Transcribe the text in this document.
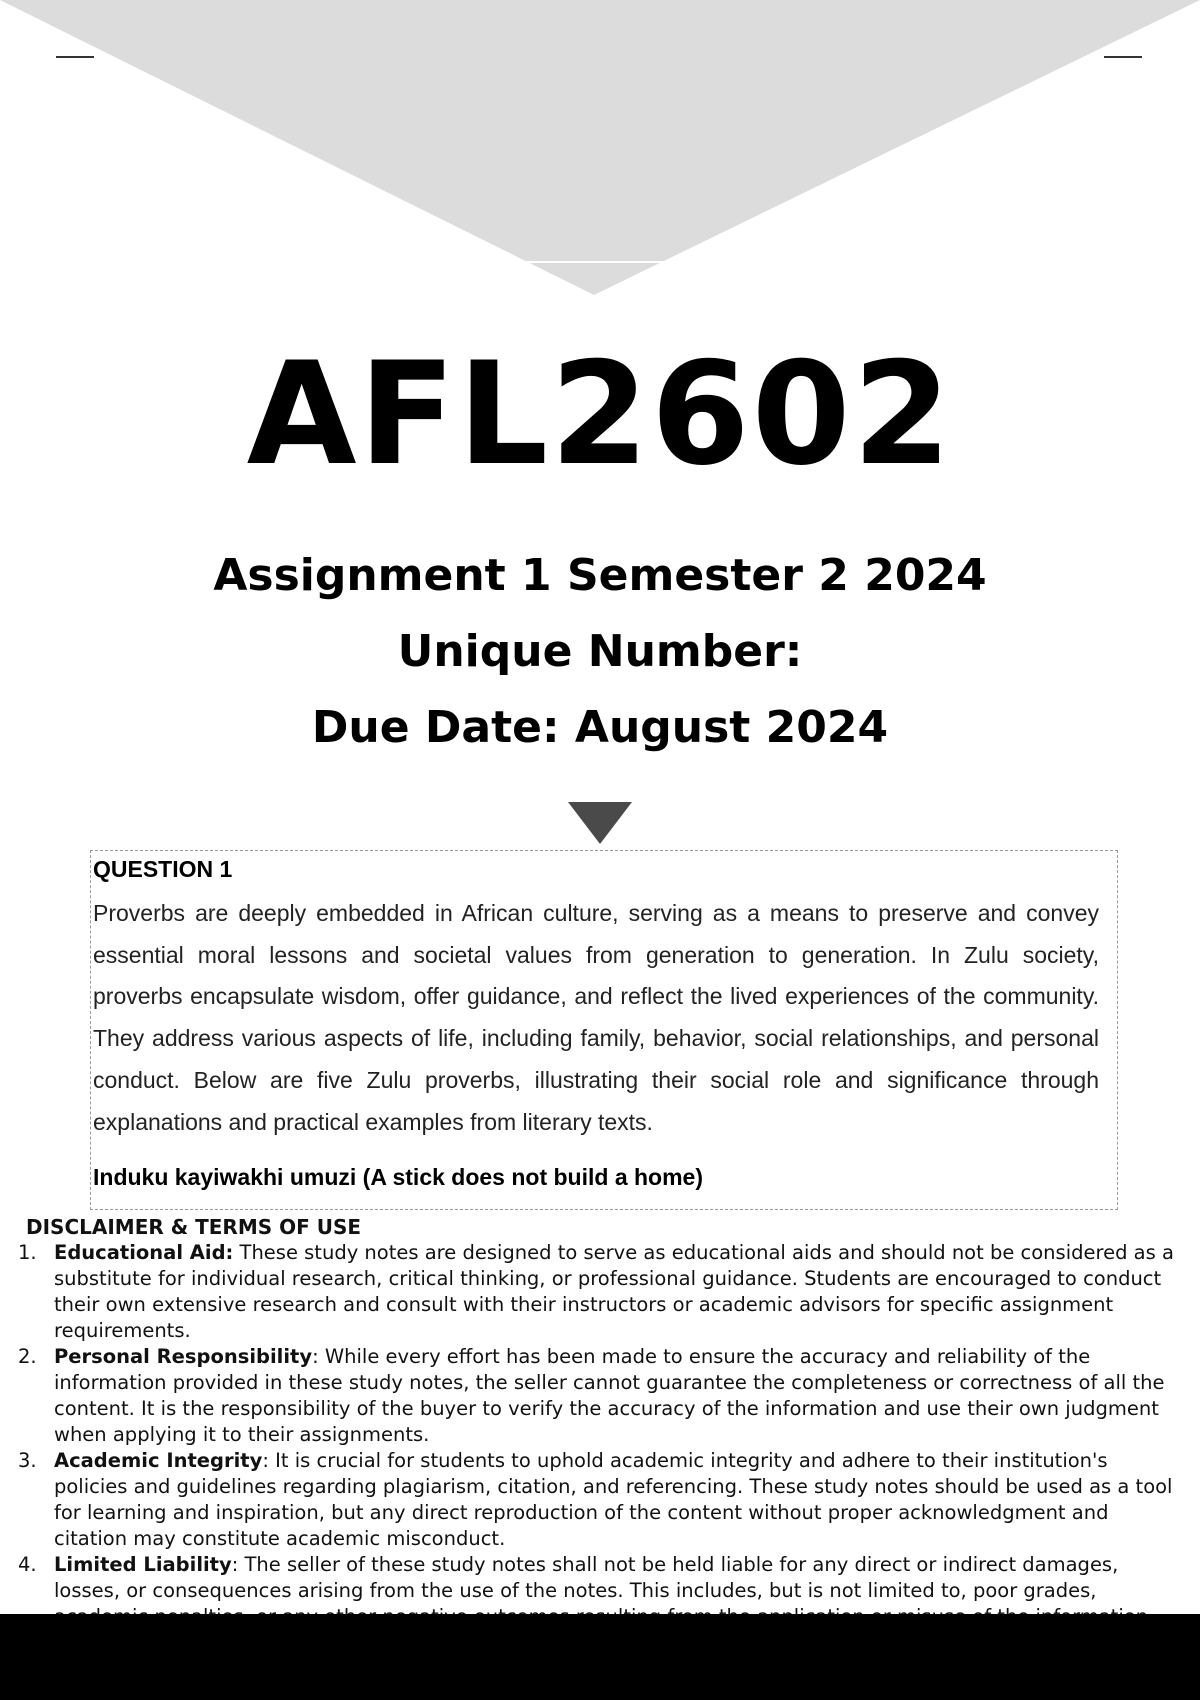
AFL2602
Assignment 1 Semester 2 2024
Unique Number:
Due Date: August 2024
QUESTION 1

Proverbs are deeply embedded in African culture, serving as a means to preserve and convey essential moral lessons and societal values from generation to generation. In Zulu society, proverbs encapsulate wisdom, offer guidance, and reflect the lived experiences of the community. They address various aspects of life, including family, behavior, social relationships, and personal conduct. Below are five Zulu proverbs, illustrating their social role and significance through explanations and practical examples from literary texts.

Induku kayiwakhi umuzi (A stick does not build a home)
DISCLAIMER & TERMS OF USE
1. Educational Aid: These study notes are designed to serve as educational aids and should not be considered as a substitute for individual research, critical thinking, or professional guidance. Students are encouraged to conduct their own extensive research and consult with their instructors or academic advisors for specific assignment requirements.
2. Personal Responsibility: While every effort has been made to ensure the accuracy and reliability of the information provided in these study notes, the seller cannot guarantee the completeness or correctness of all the content. It is the responsibility of the buyer to verify the accuracy of the information and use their own judgment when applying it to their assignments.
3. Academic Integrity: It is crucial for students to uphold academic integrity and adhere to their institution's policies and guidelines regarding plagiarism, citation, and referencing. These study notes should be used as a tool for learning and inspiration, but any direct reproduction of the content without proper acknowledgment and citation may constitute academic misconduct.
4. Limited Liability: The seller of these study notes shall not be held liable for any direct or indirect damages, losses, or consequences arising from the use of the notes. This includes, but is not limited to, poor grades,
